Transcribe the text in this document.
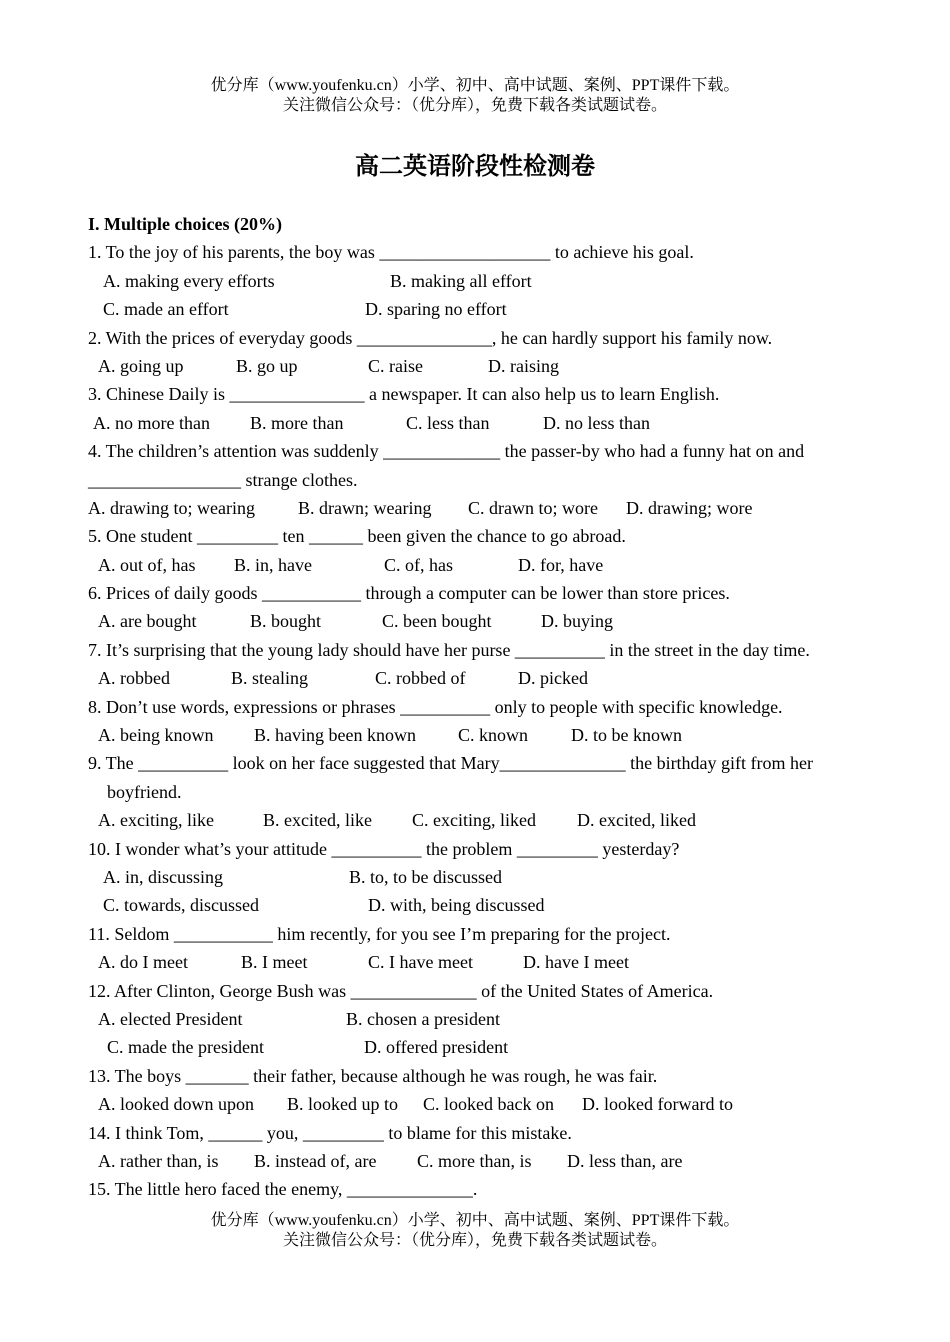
优分库（www.youfenku.cn）小学、初中、高中试题、案例、PPT课件下载。
关注微信公众号：（优分库），免费下载各类试题试卷。
高二英语阶段性检测卷
I. Multiple choices (20%)
1. To the joy of his parents, the boy was ___________________ to achieve his goal.

A. making every efforts

	B. making all effort

C. made an effort

	D. sparing no effort

2. With the prices of everyday goods _______________, he can hardly support his family now.

A. going up

	B. go up

	C. raise

	D. raising

3. Chinese Daily is _______________ a newspaper. It can also help us to learn English.

A. no more than

B. more than

	C. less than

	D. no less than

4. The children’s attention was suddenly _____________ the passer-by who had a funny hat on and
_________________ strange clothes.

A. drawing to; wearing

B. drawn; wearing

C. drawn to; wore

D. drawing; wore

5. One student _________ ten ______ been given the chance to go abroad.

A. out of, has

B. in, have

	C. of, has

	D. for, have

6. Prices of daily goods ___________ through a computer can be lower than store prices.

A. are bought

	B. bought

	C. been bought

	D. buying

7. It’s surprising that the young lady should have her purse __________ in the street in the day time.

A. robbed

	B. stealing

	C. robbed of

	D. picked

8. Don’t use words, expressions or phrases __________ only to people with specific knowledge.

A. being known

B. having been known

C. known

D. to be known

9. The __________ look on her face suggested that Mary______________ the birthday gift from her
boyfriend.

A. exciting, like

	B. excited, like

C. exciting, liked

D. excited, liked

10. I wonder what’s your attitude __________ the problem _________ yesterday?

A. in, discussing

	B. to, to be discussed

C. towards, discussed

	D. with, being discussed

11. Seldom ___________ him recently, for you see I’m preparing for the project.

A. do I meet

	B. I meet

	C. I have meet

	D. have I meet

12. After Clinton, George Bush was ______________ of the United States of America.

A. elected President

	B. chosen a president

C. made the president

	D. offered president

13. The boys _______ their father, because although he was rough, he was fair.

A. looked down upon

B. looked up to

C. looked back on

D. looked forward to

14. I think Tom, ______ you, _________ to blame for this mistake.

A. rather than, is

B. instead of, are

C. more than, is

D. less than, are

15. The little hero faced the enemy, ______________.
优分库（www.youfenku.cn）小学、初中、高中试题、案例、PPT课件下载。
关注微信公众号：（优分库），免费下载各类试题试卷。
